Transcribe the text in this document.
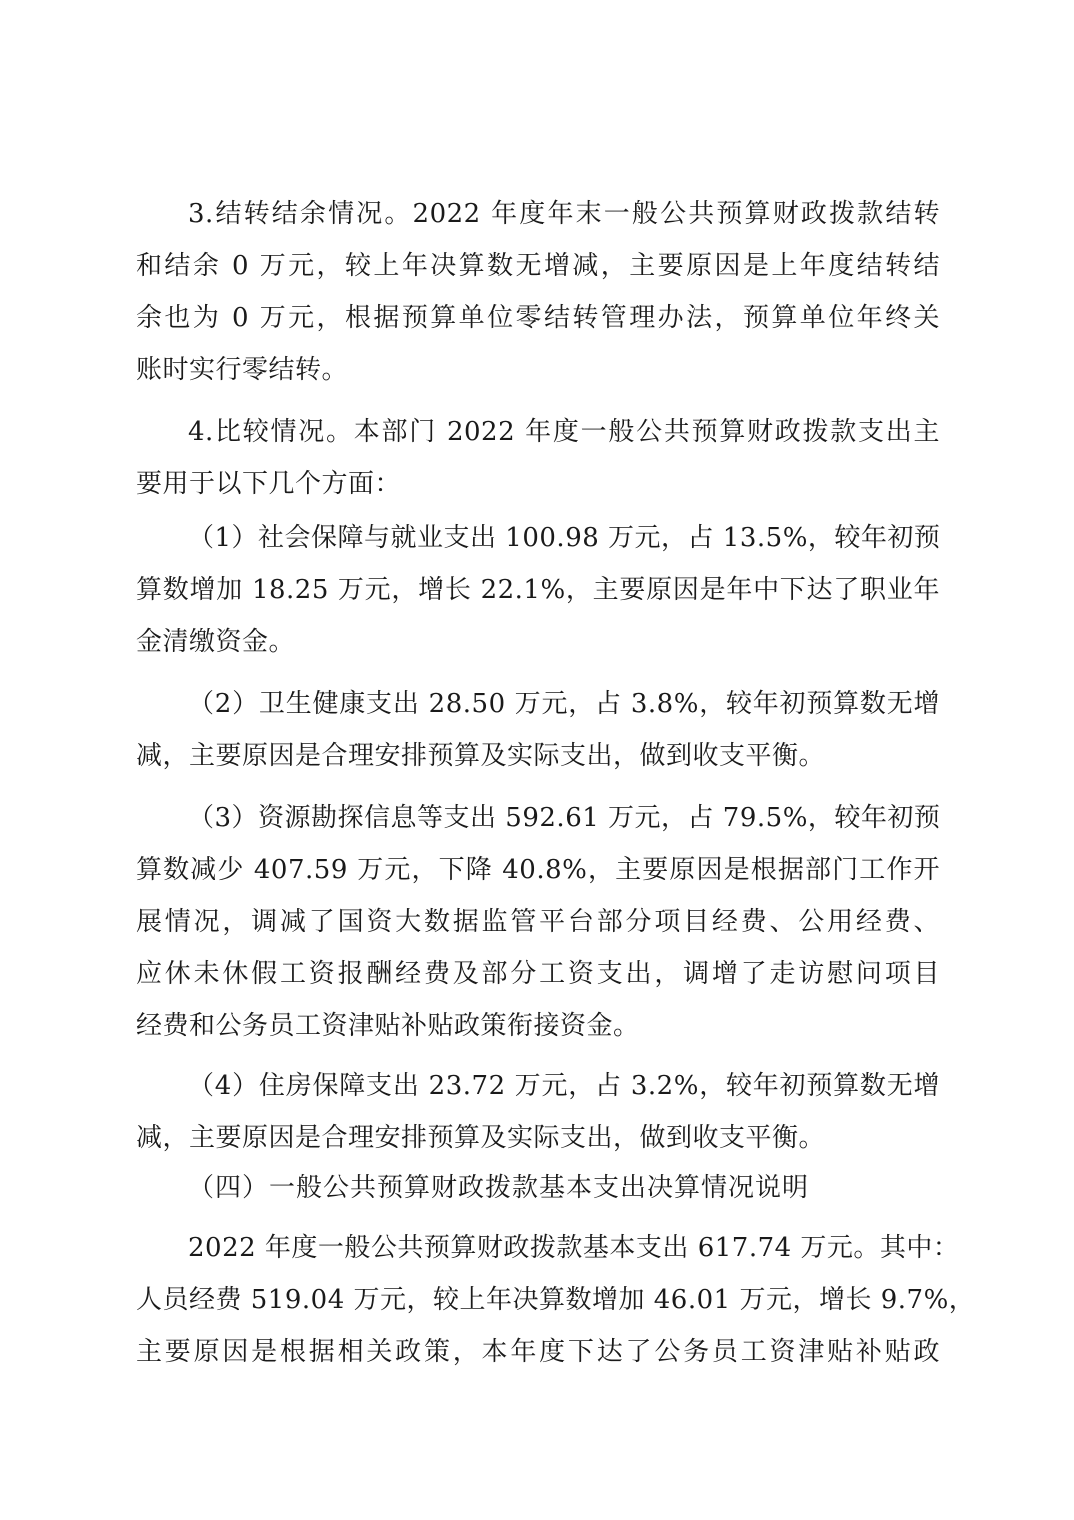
3.结转结余情况。2022 年度年末一般公共预算财政拨款结转
和结余 0 万元，较上年决算数无增减，主要原因是上年度结转结
余也为 0 万元，根据预算单位零结转管理办法，预算单位年终关
账时实行零结转。
4.比较情况。本部门 2022 年度一般公共预算财政拨款支出主
要用于以下几个方面：
（1）社会保障与就业支出 100.98 万元，占 13.5%，较年初预
算数增加 18.25 万元，增长 22.1%，主要原因是年中下达了职业年
金清缴资金。
（2）卫生健康支出 28.50 万元，占 3.8%，较年初预算数无增
减，主要原因是合理安排预算及实际支出，做到收支平衡。
（3）资源勘探信息等支出 592.61 万元，占 79.5%，较年初预
算数减少 407.59 万元，下降 40.8%，主要原因是根据部门工作开
展情况，调减了国资大数据监管平台部分项目经费、公用经费、
应休未休假工资报酬经费及部分工资支出，调增了走访慰问项目
经费和公务员工资津贴补贴政策衔接资金。
（4）住房保障支出 23.72 万元，占 3.2%，较年初预算数无增
减，主要原因是合理安排预算及实际支出，做到收支平衡。
（四）一般公共预算财政拨款基本支出决算情况说明
2022 年度一般公共预算财政拨款基本支出 617.74 万元。其中：
人员经费 519.04 万元，较上年决算数增加 46.01 万元，增长 9.7%，
主要原因是根据相关政策，本年度下达了公务员工资津贴补贴政
